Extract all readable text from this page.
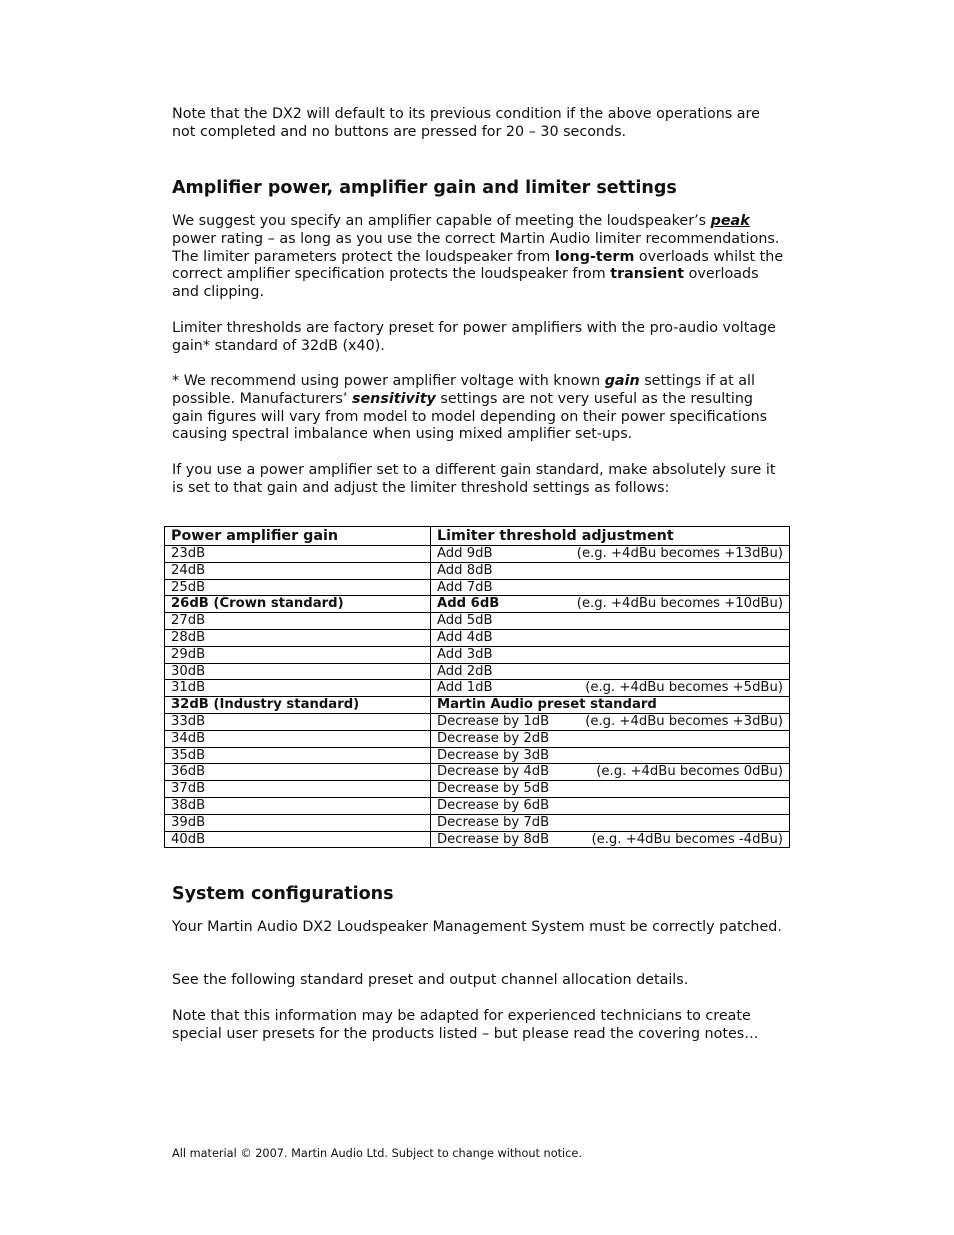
Note that the DX2 will default to its previous condition if the above operations are not completed and no buttons are pressed for 20 – 30 seconds.

Amplifier power, amplifier gain and limiter settings

We suggest you specify an amplifier capable of meeting the loudspeaker’s peak power rating – as long as you use the correct Martin Audio limiter recommendations. The limiter parameters protect the loudspeaker from long-term overloads whilst the correct amplifier specification protects the loudspeaker from transient overloads and clipping.

Limiter thresholds are factory preset for power amplifiers with the pro-audio voltage gain* standard of 32dB (x40).

* We recommend using power amplifier voltage with known gain settings if at all possible. Manufacturers’ sensitivity settings are not very useful as the resulting gain figures will vary from model to model depending on their power specifications causing spectral imbalance when using mixed amplifier set-ups.

If you use a power amplifier set to a different gain standard, make absolutely sure it is set to that gain and adjust the limiter threshold settings as follows:

Power amplifier gain	Limiter threshold adjustment
23dB	Add 9dB (e.g. +4dBu becomes +13dBu)

24dB	Add 8dB
25dB	Add 7dB
26dB (Crown standard)	Add 6dB (e.g. +4dBu becomes +10dBu)

27dB	Add 5dB
28dB	Add 4dB
29dB	Add 3dB
30dB	Add 2dB
31dB	Add 1dB (e.g. +4dBu becomes +5dBu)

32dB (Industry standard)	Martin Audio preset standard
33dB	Decrease by 1dB (e.g. +4dBu becomes +3dBu)

34dB	Decrease by 2dB
35dB	Decrease by 3dB
36dB	Decrease by 4dB (e.g. +4dBu becomes 0dBu)

37dB	Decrease by 5dB
38dB	Decrease by 6dB
39dB	Decrease by 7dB
40dB	Decrease by 8dB (e.g. +4dBu becomes -4dBu)
System configurations

Your Martin Audio DX2 Loudspeaker Management System must be correctly patched.

See the following standard preset and output channel allocation details.

Note that this information may be adapted for experienced technicians to create special user presets for the products listed – but please read the covering notes…

All material © 2007. Martin Audio Ltd. Subject to change without notice.
